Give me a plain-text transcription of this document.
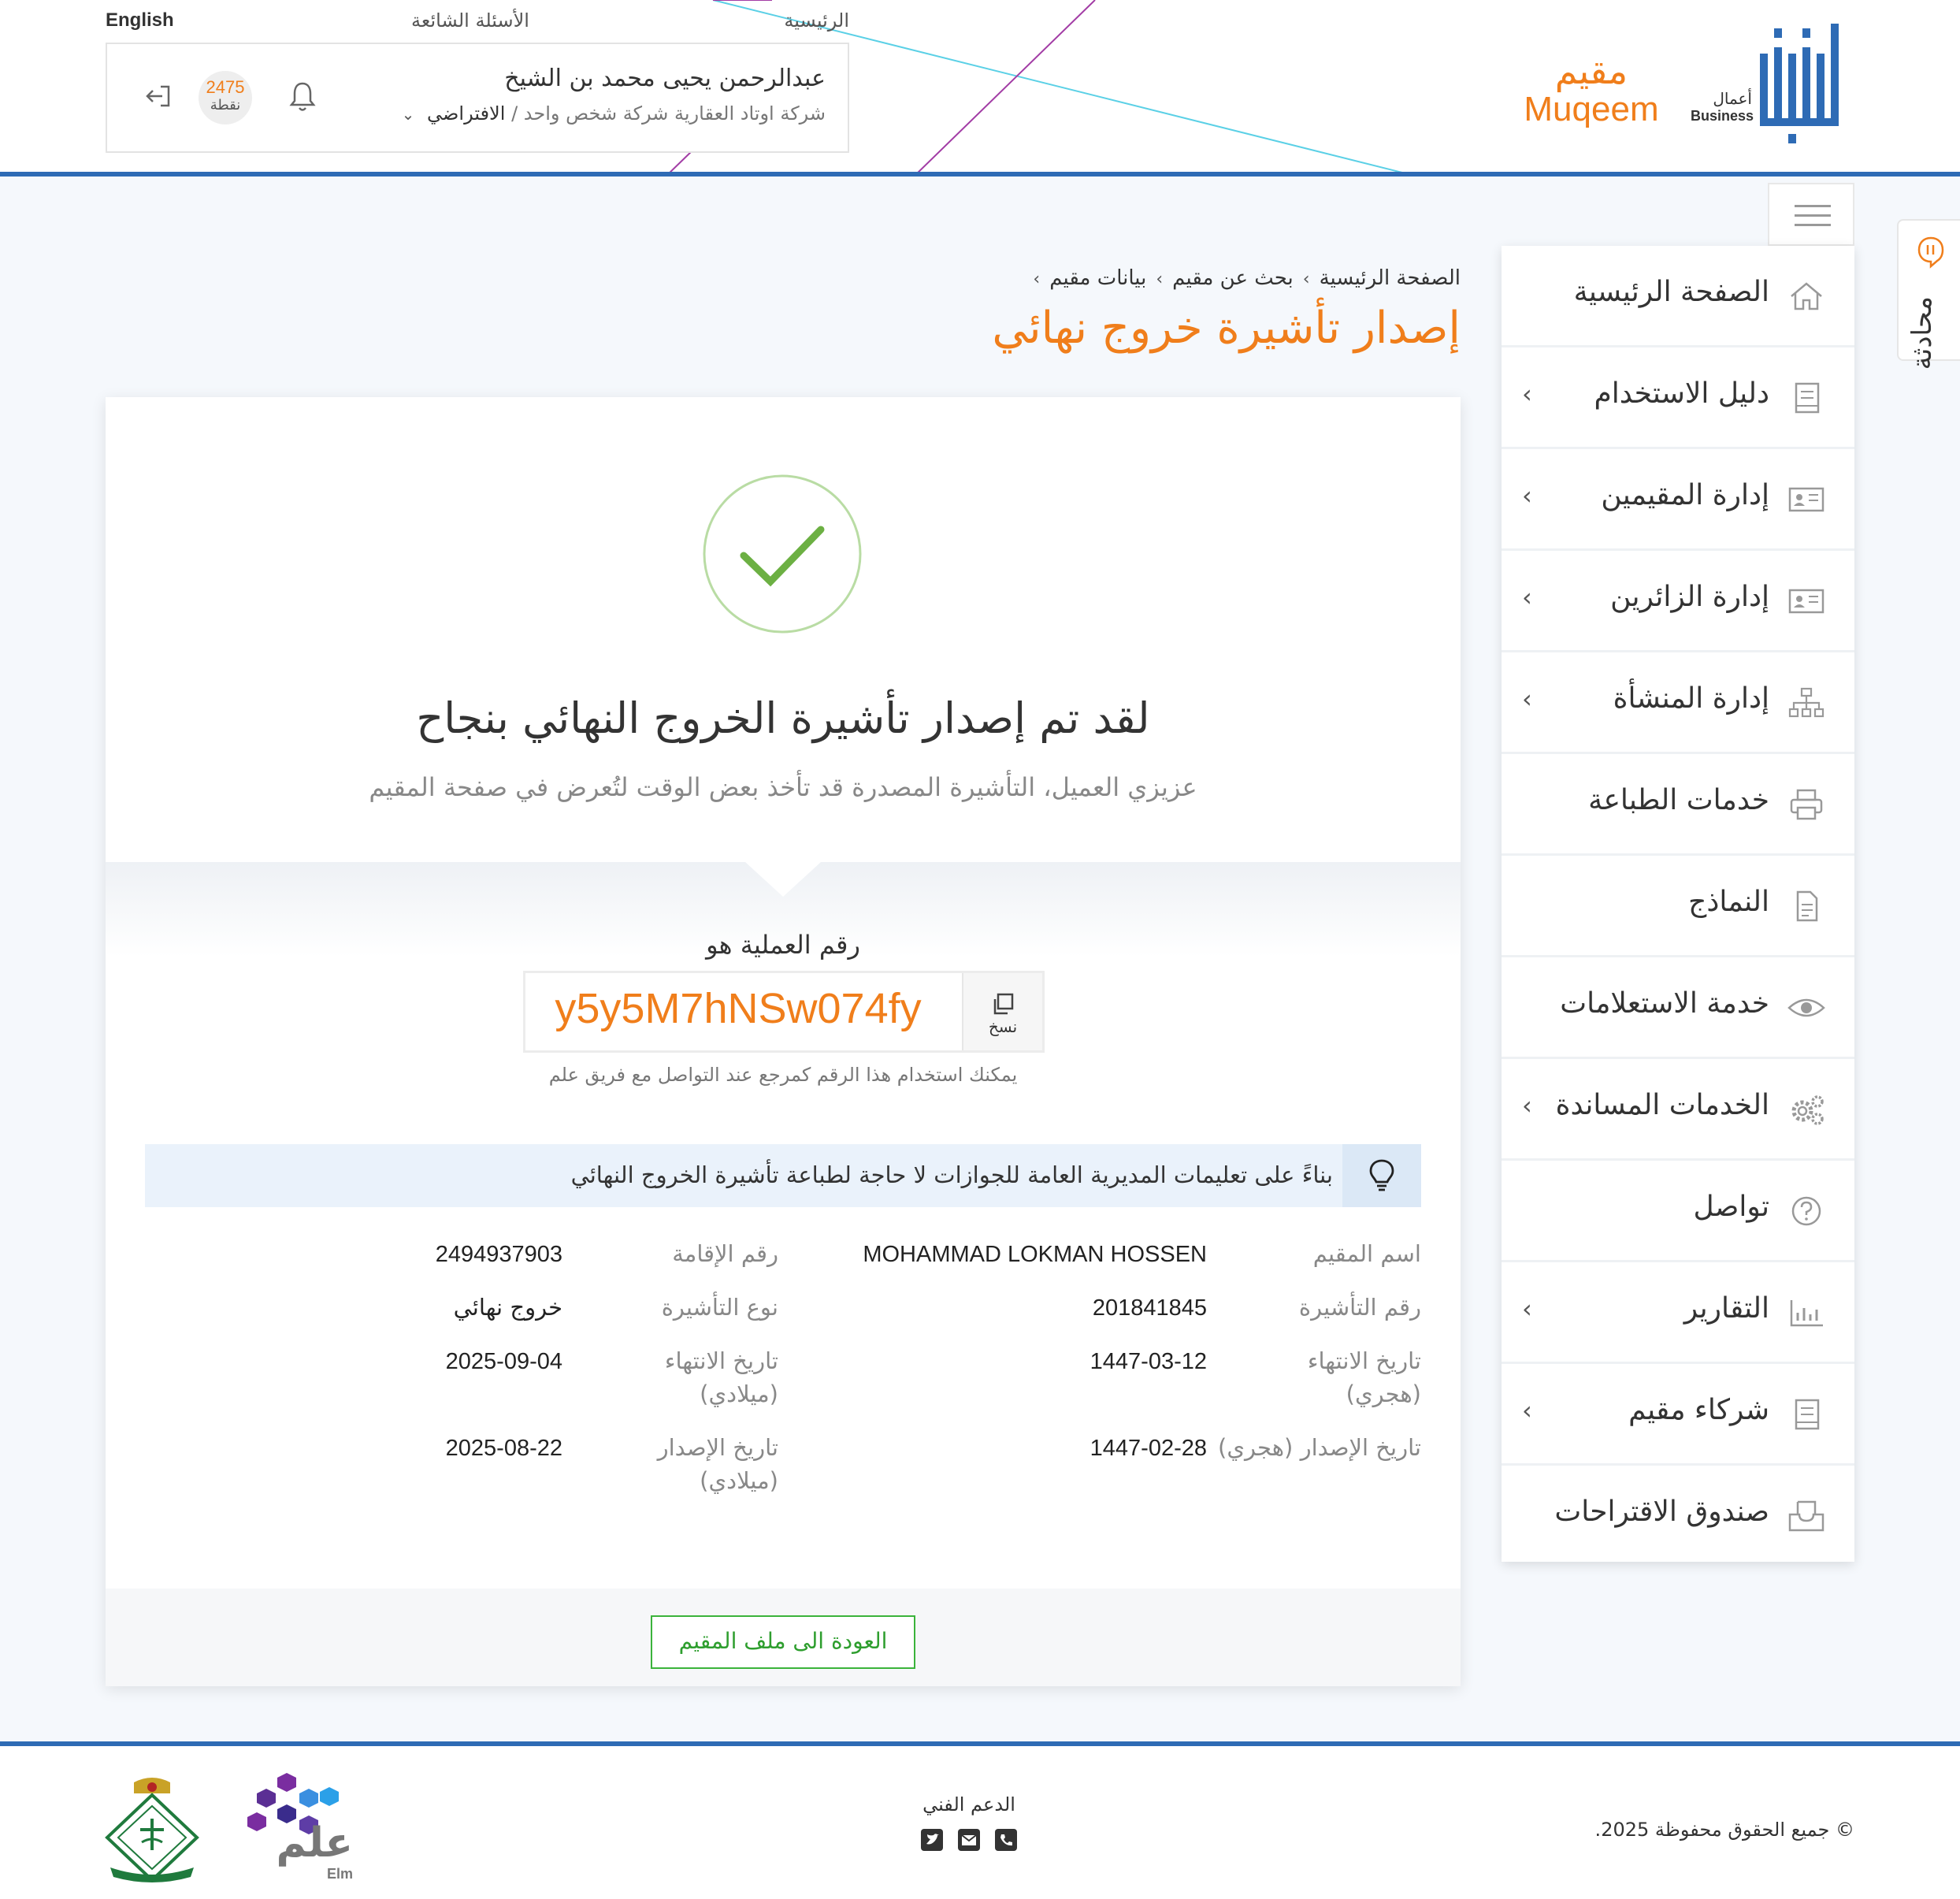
English	الأسئلة الشائعة	الرئيسية
عبدالرحمن يحيى محمد بن الشيخ
شركة اوتاد العقارية شركة شخص واحد / الافتراضي ⌄
2475
نقطة
مقيم
Muqeem	أعمال
Business
محادثة
الصفحة الرئيسية
‹ دليل الاستخدام
‹ إدارة المقيمين
‹	إدارة الزائرين
‹	إدارة المنشأة
خدمات الطباعة
النماذج
خدمة الاستعلامات
‹ الخدمات المساندة
تواصل
‹	التقارير
‹	شركاء مقيم
صندوق الاقتراحات
الصفحة الرئيسية›بحث عن مقيم›بيانات مقيم›
إصدار تأشيرة خروج نهائي
لقد تم إصدار تأشيرة الخروج النهائي بنجاح
عزيزي العميل، التأشيرة المصدرة قد تأخذ بعض الوقت لتُعرض في صفحة المقيم
رقم العملية هو
y5y5M7hNSw074fy	نسخ
يمكنك استخدام هذا الرقم كمرجع عند التواصل مع فريق علم
بناءً على تعليمات المديرية العامة للجوازات لا حاجة لطباعة تأشيرة الخروج النهائي
اسم المقيم
MOHAMMAD LOKMAN HOSSEN
رقم التأشيرة
201841845
تاريخ الانتهاء (هجري)
1447-03-12
تاريخ الإصدار (هجري)
1447-02-28
رقم الإقامة
2494937903
نوع التأشيرة
خروج نهائي
تاريخ الانتهاء (ميلادي)
2025-09-04
تاريخ الإصدار (ميلادي)
2025-08-22
العودة الى ملف المقيم
© جميع الحقوق محفوظة 2025.
الدعم الفني

علم
Elm
